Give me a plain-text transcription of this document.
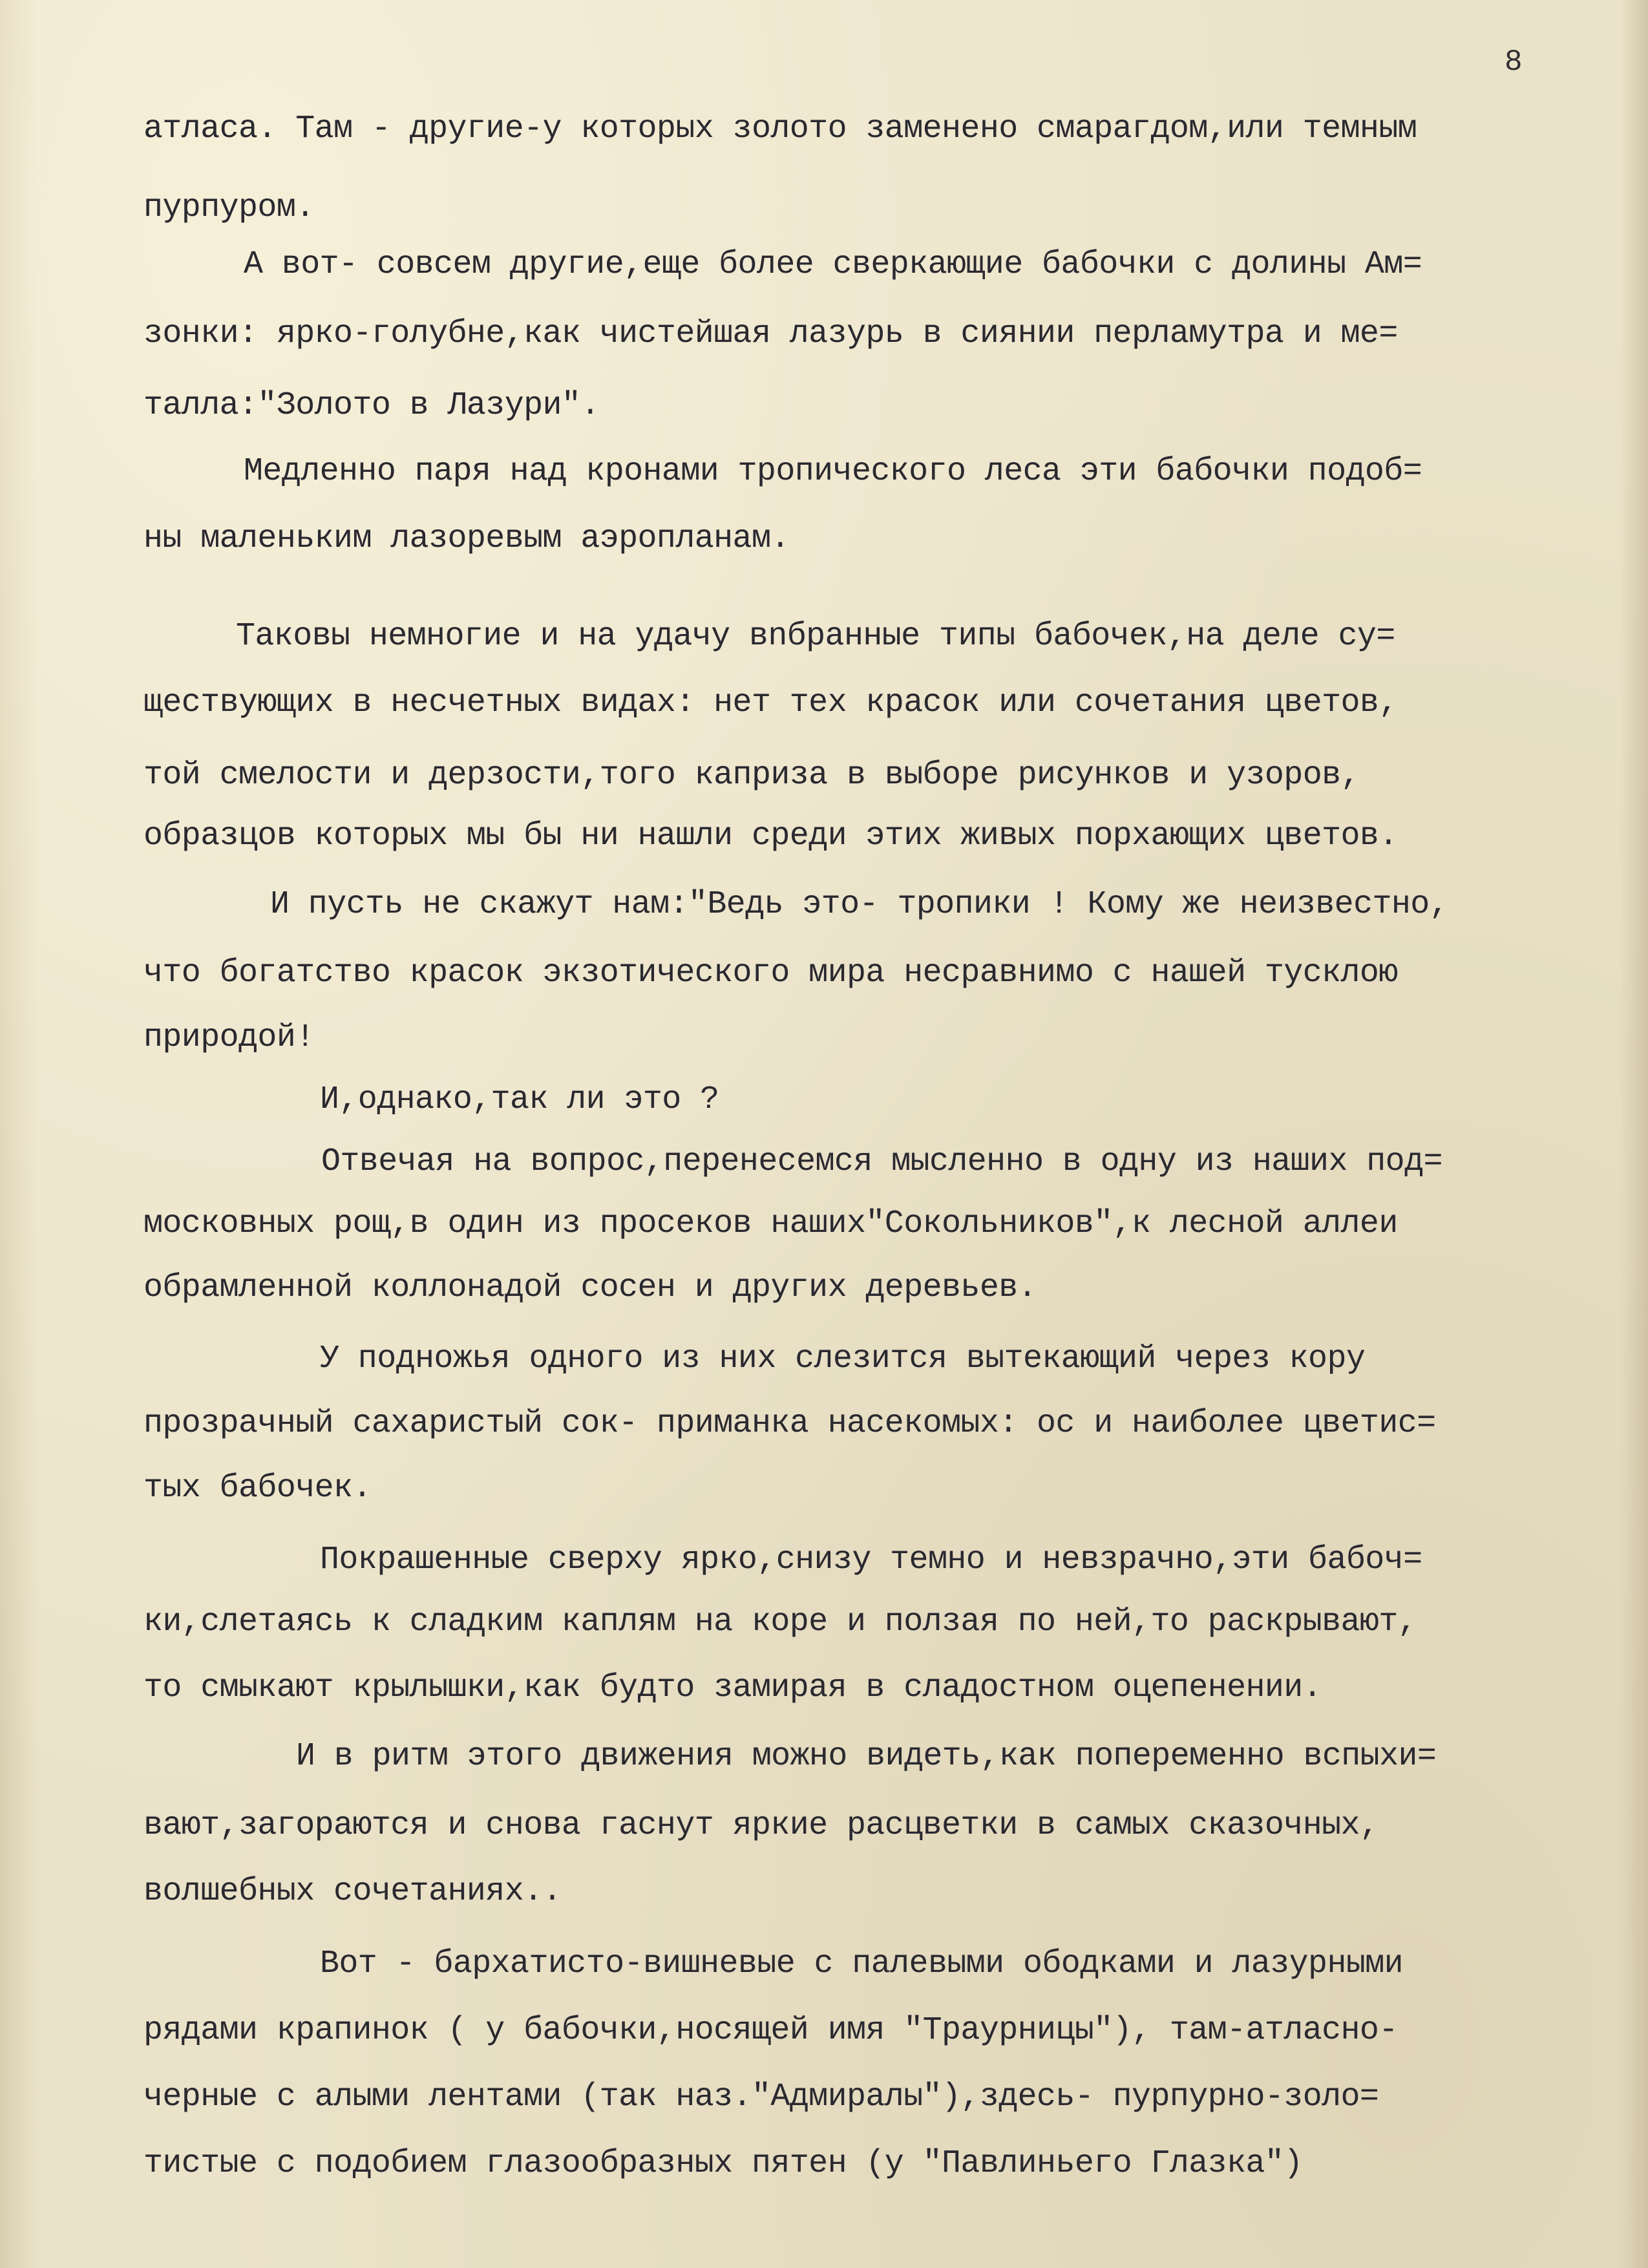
8
атласа. Там - другие-у которых золото заменено смарагдом,или темным
пурпуром.
А вот- совсем другие,еще более сверкающие бабочки с долины Ам=
зонки: ярко-голубне,как чистейшая лазурь в сиянии перламутра и ме=
талла:"Золото в Лазури".
Медленно паря над кронами тропического леса эти бабочки подоб=
ны маленьким лазоревым аэропланам.
Таковы немногие и на удачу вnбранные типы бабочек,на деле су=
ществующих в несчетных видах: нет тех красок или сочетания цветов,
той смелости и дерзости,того каприза в выборе рисунков и узоров,
образцов которых мы бы ни нашли среди этих живых порхающих цветов.
И пусть не скажут нам:"Ведь это- тропики ! Кому же неизвестно,
что богатство красок экзотического мира несравнимо с нашей тусклою
природой!
И,однако,так ли это ?
Отвечая на вопрос,перенесемся мысленно в одну из наших под=
московных рощ,в один из просеков наших"Сокольников",к лесной аллеи
обрамленной коллонадой сосен и других деревьев.
У подножья одного из них слезится вытекающий через кору
прозрачный сахаристый сок- приманка насекомых: ос и наиболее цветис=
тых бабочек.
Покрашенные сверху ярко,снизу темно и невзрачно,эти бабоч=
ки,слетаясь к сладким каплям на коре и ползая по ней,то раскрывают,
то смыкают крылышки,как будто замирая в сладостном оцепенении.
И в ритм этого движения можно видеть,как попеременно вспыхи=
вают,загораются и снова гаснут яркие расцветки в самых сказочных,
волшебных сочетаниях..
Вот - бархатисто-вишневые с палевыми ободками и лазурными
рядами крапинок ( у бабочки,носящей имя "Траурницы"), там-атласно-
черные с алыми лентами (так наз."Адмиралы"),здесь- пурпурно-золо=
тистые с подобием глазообразных пятен (у "Павлиньего Глазка")
